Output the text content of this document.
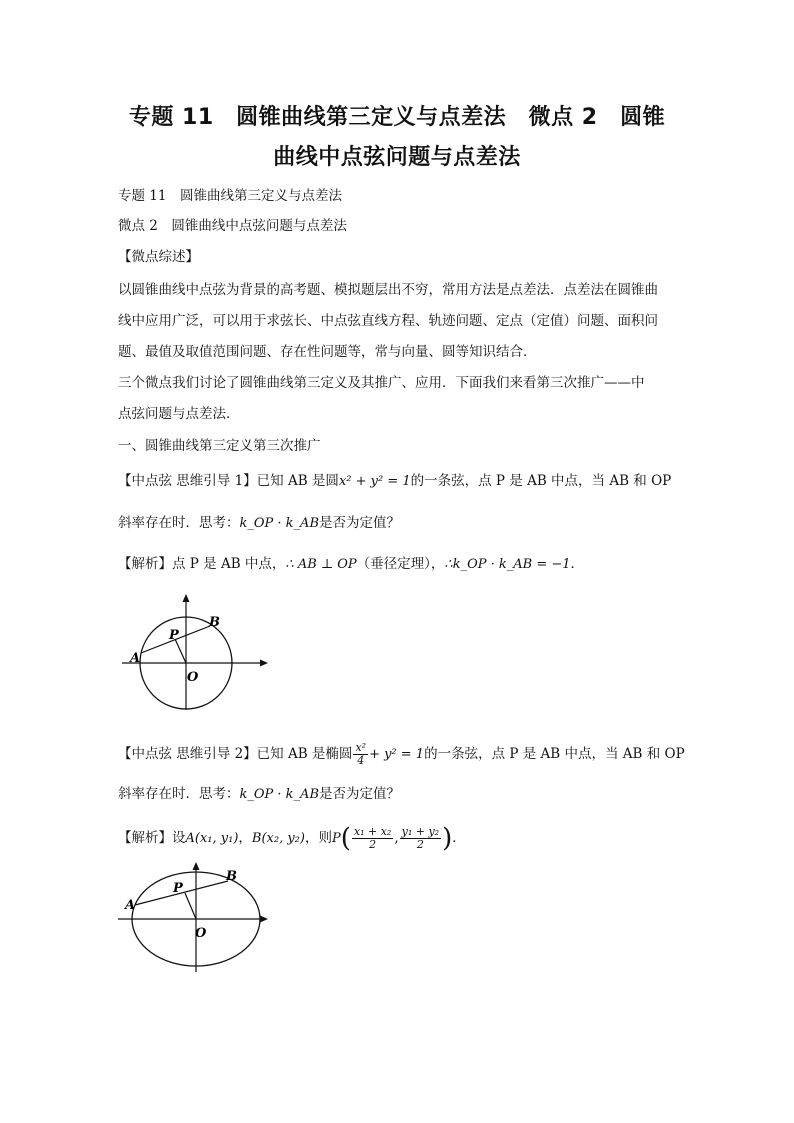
专题 11　圆锥曲线第三定义与点差法　微点 2　圆锥
曲线中点弦问题与点差法
专题 11　圆锥曲线第三定义与点差法
微点 2　圆锥曲线中点弦问题与点差法
【微点综述】
以圆锥曲线中点弦为背景的高考题、模拟题层出不穷，常用方法是点差法．点差法在圆锥曲
线中应用广泛，可以用于求弦长、中点弦直线方程、轨迹问题、定点（定值）问题、面积问
题、最值及取值范围问题、存在性问题等，常与向量、圆等知识结合．
三个微点我们讨论了圆锥曲线第三定义及其推广、应用．下面我们来看第三次推广——中
点弦问题与点差法．
一、圆锥曲线第三定义第三次推广
【中点弦 思维引导 1】已知 AB 是圆x² + y² = 1的一条弦，点 P 是 AB 中点，当 AB 和 OP
斜率存在时．思考：k_OP · k_AB是否为定值？
【解析】点 P 是 AB 中点，∴ AB ⊥ OP（垂径定理），∴k_OP · k_AB = −1．
A
B
P
O
【中点弦 思维引导 2】已知 AB 是椭圆 $\frac{\text{x²}}{4} + y^2 = 1$的一条弦，点 P 是 AB 中点，当 AB 和 OP
斜率存在时．思考：k_OP · k_AB是否为定值？
【解析】设A(x₁, y₁)，B(x₂, y₂)，则$P( \frac{\text{x₁ + x₂}}{2}$ , $\frac{\text{y₁ + y₂}}{2}$ )．
A
B
P
O
